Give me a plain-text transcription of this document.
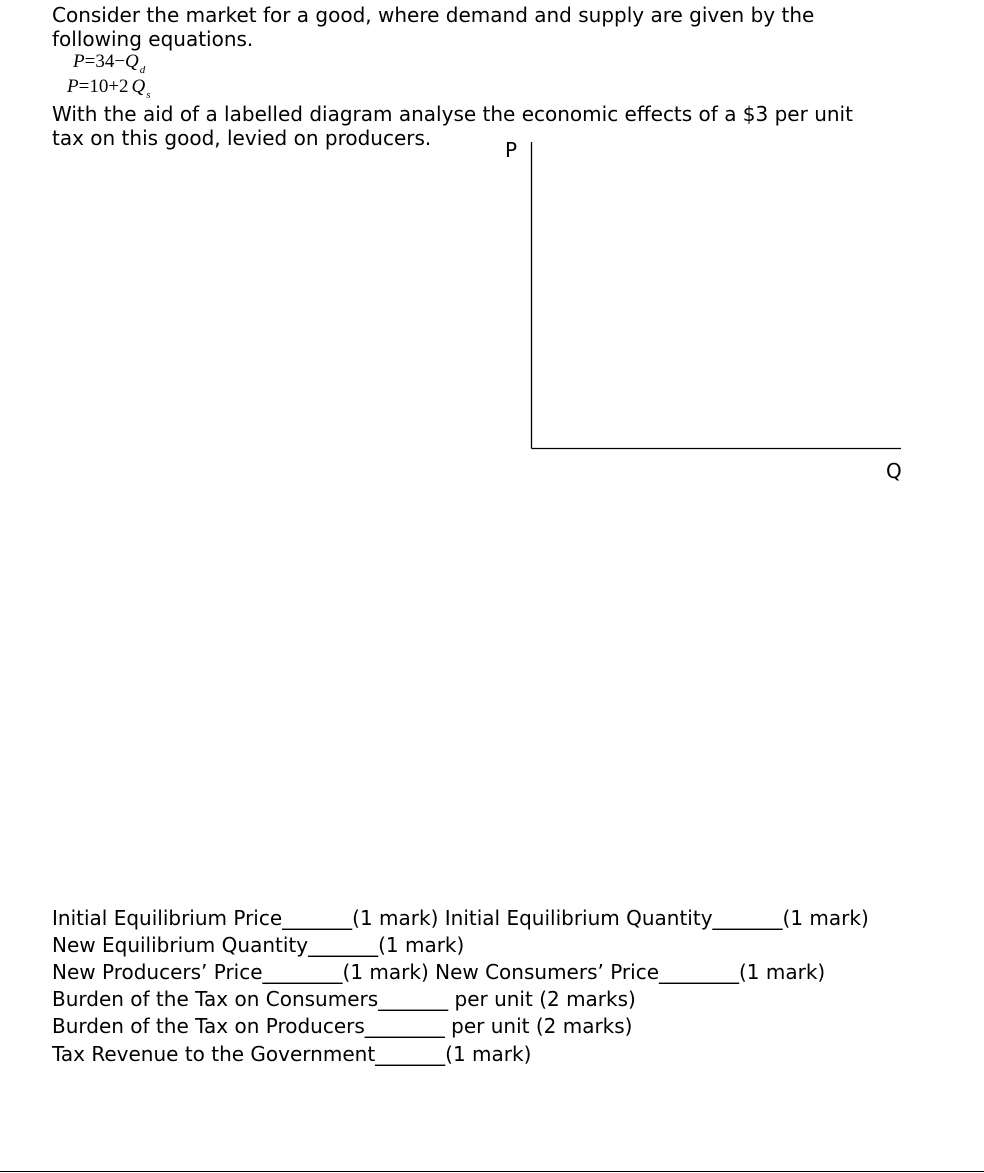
Consider the market for a good, where demand and supply are given by the
following equations.
$P=34-Q_d$
P=10+2 $Q_s$
With the aid of a labelled diagram analyse the economic effects of a $3 per unit
tax on this good, levied on producers.	P
Q
Initial Equilibrium Price_______(1 mark) Initial Equilibrium Quantity_______(1 mark)
New Equilibrium Quantity_______(1 mark)
New Producers’ Price________(1 mark) New Consumers’ Price________(1 mark)
Burden of the Tax on Consumers_______ per unit (2 marks)
Burden of the Tax on Producers________ per unit (2 marks)
Tax Revenue to the Government_______(1 mark)
